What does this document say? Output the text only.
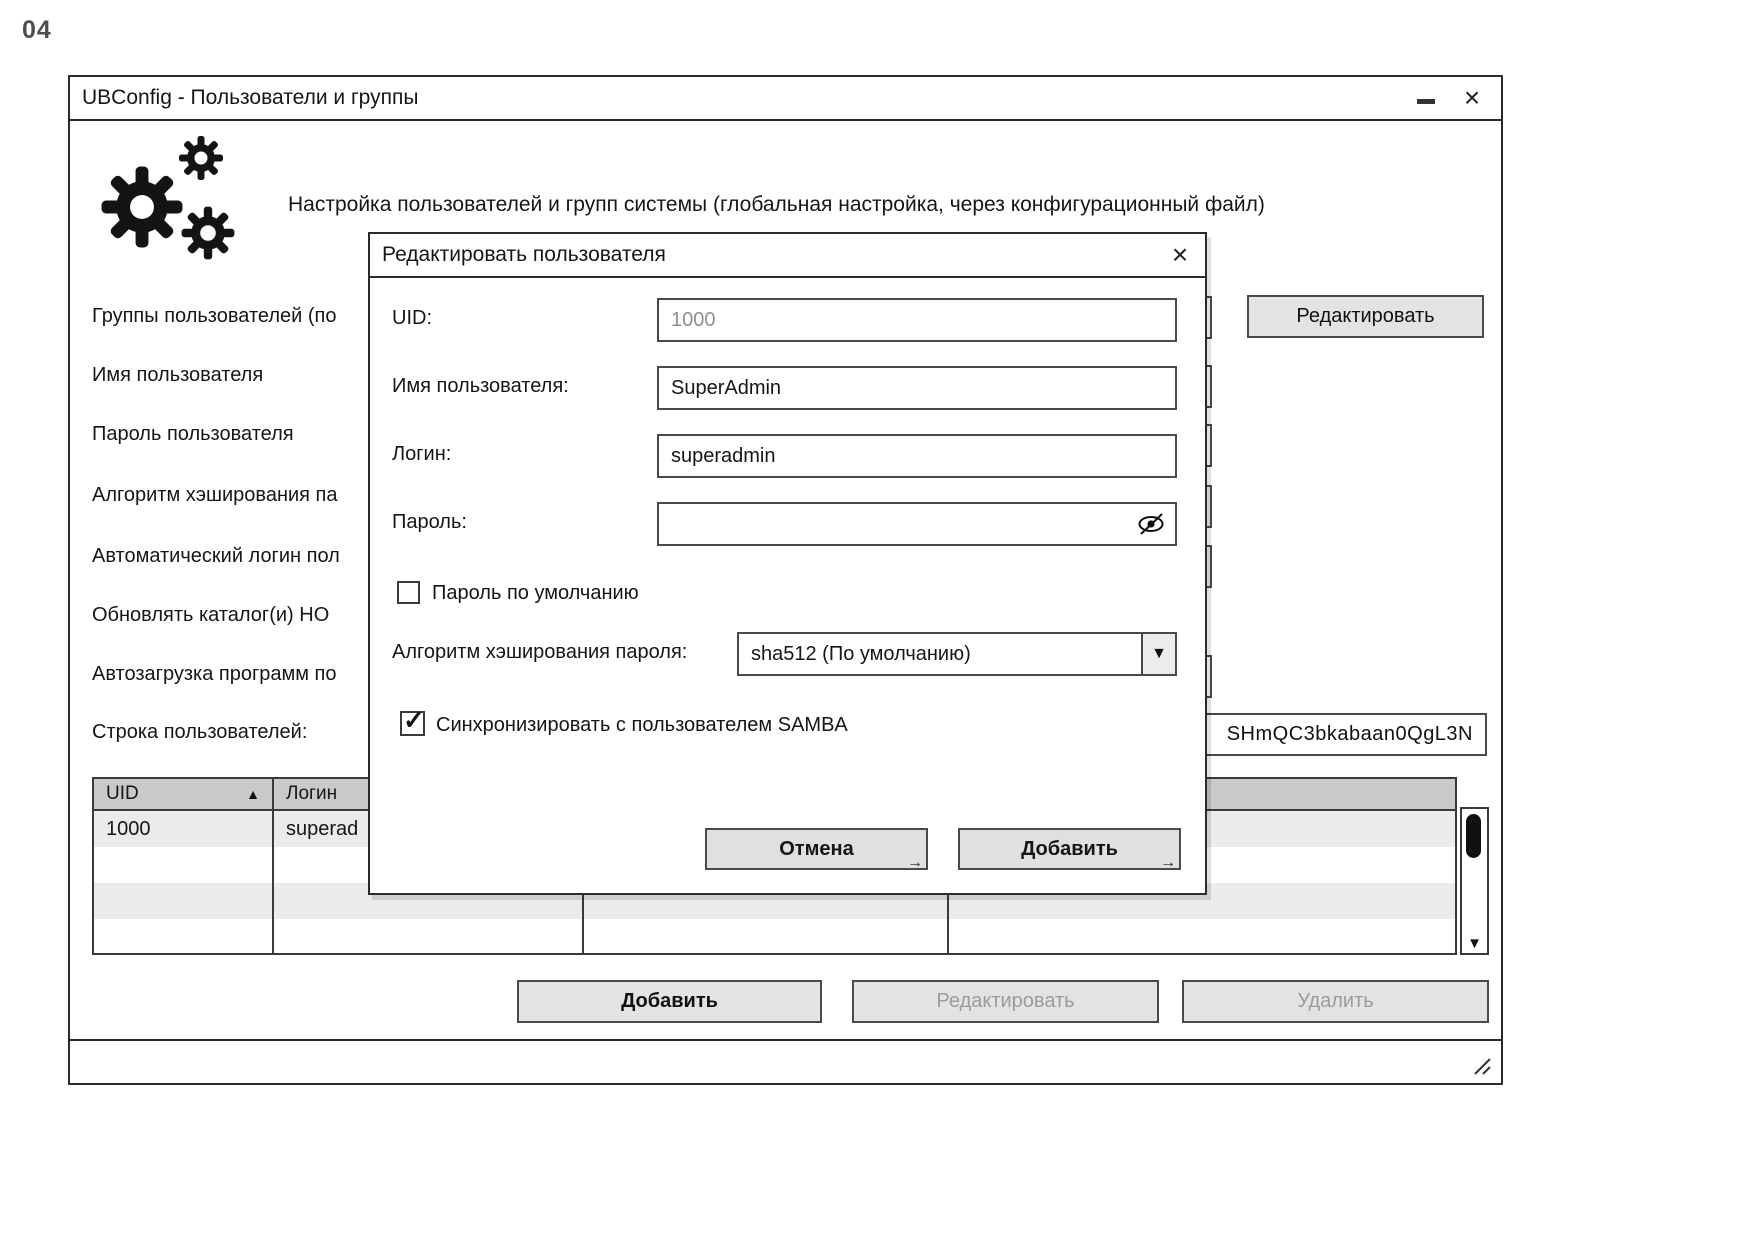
04
UBConfig - Пользователи и группы	×
Настройка пользователей и групп системы (глобальная настройка, через конфигурационный файл)
Группы пользователей (по
Имя пользователя
Пароль пользователя
Алгоритм хэширования па
Автоматический логин пол
Обновлять каталог(и) HO
Автозагрузка программ по
Строка пользователей:	SHmQC3bkabaan0QgL3N
Редактировать
UID	▲ Логин
1000	superad
▼
Добавить	Редактировать	Удалить
Редактировать пользователя	×
UID:	1000
Имя пользователя:	SuperAdmin
Логин:	superadmin
Пароль:
Пароль по умолчанию
Алгоритм хэширования пароля:	sha512 (По умолчанию)	▼
✓ Синхронизировать с пользователем SAMBA
Отмена
→
Добавить
→
